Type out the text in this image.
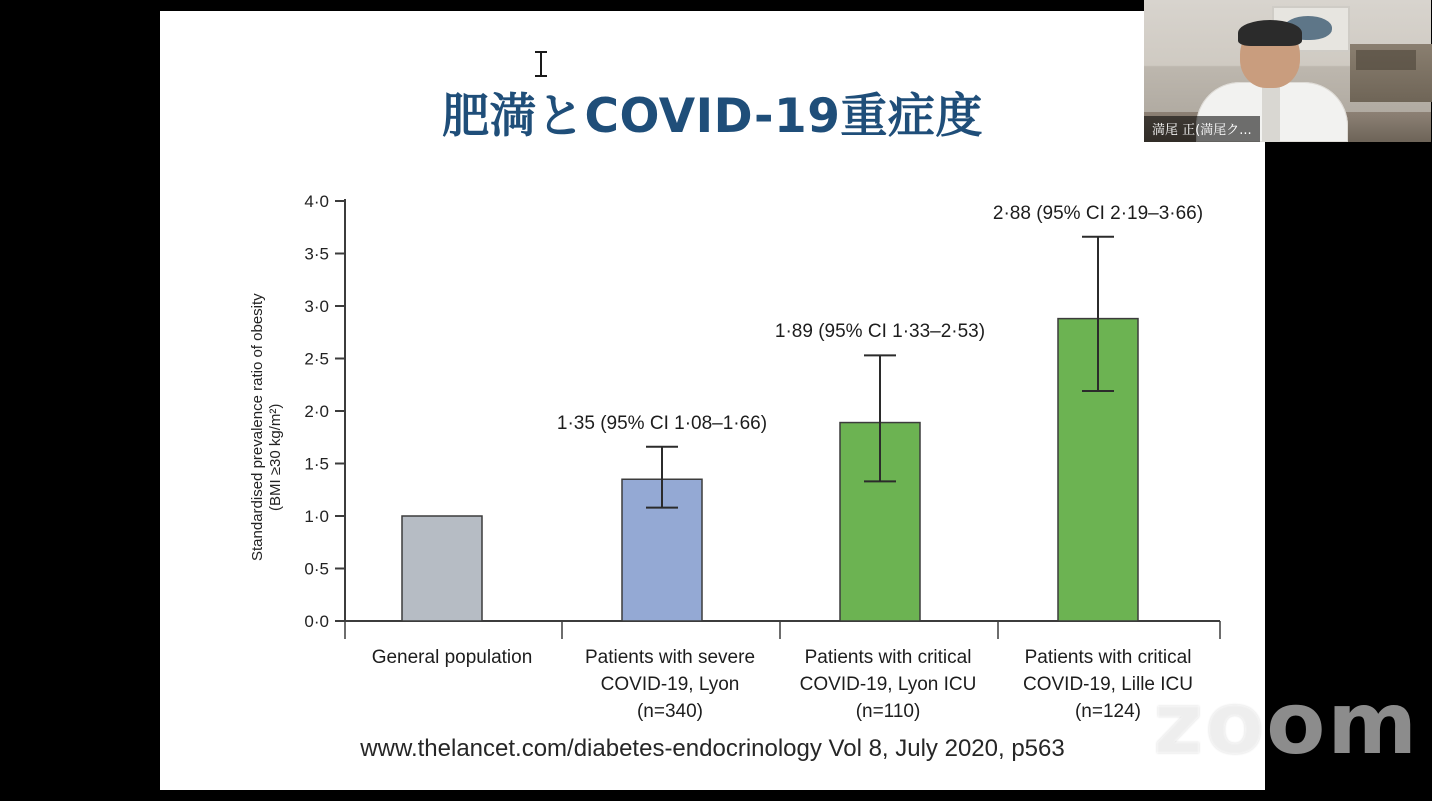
肥満とCOVID-19重症度
0·0
0·5
1·0
1·5
2·0
2·5
3·0
3·5
4·0
Standardised prevalence ratio of obesity (BMI ≥30 kg/m²)	1·35 (95% CI 1·08–1·66)
1·89 (95% CI 1·33–2·53)
2·88 (95% CI 2·19–3·66)
General population	Patients with severe
COVID-19, Lyon
(n=340)
Patients with critical
COVID-19, Lyon ICU
(n=110)
Patients with critical
COVID-19, Lille ICU
(n=124)
www.thelancet.com/diabetes-endocrinology Vol 8, July 2020, p563	zoom
満尾 正(満尾ク...
